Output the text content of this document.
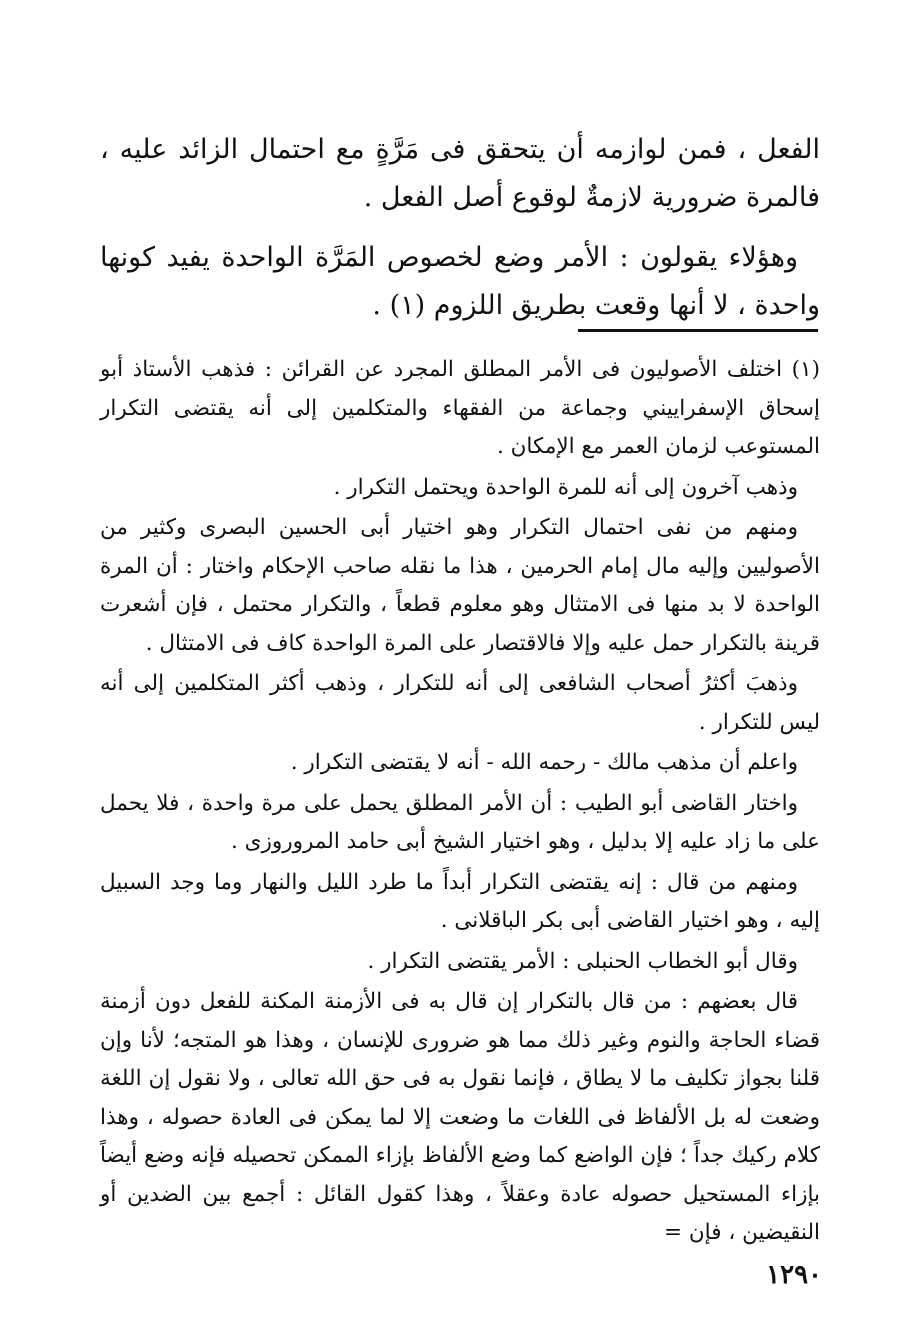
الفعل ، فمن لوازمه أن يتحقق فى مَرَّةٍ مع احتمال الزائد عليه ، فالمرة ضرورية لازمةٌ لوقوع أصل الفعل .

وهؤلاء يقولون : الأمر وضع لخصوص المَرَّة الواحدة يفيد كونها واحدة ، لا أنها وقعت بطريق اللزوم (١) .

(١) اختلف الأصوليون فى الأمر المطلق المجرد عن القرائن : فذهب الأستاذ أبو إسحاق الإسفراييني وجماعة من الفقهاء والمتكلمين إلى أنه يقتضى التكرار المستوعب لزمان العمر مع الإمكان .

وذهب آخرون إلى أنه للمرة الواحدة ويحتمل التكرار .

ومنهم من نفى احتمال التكرار وهو اختيار أبى الحسين البصرى وكثير من الأصوليين وإليه مال إمام الحرمين ، هذا ما نقله صاحب الإحكام واختار : أن المرة الواحدة لا بد منها فى الامتثال وهو معلوم قطعاً ، والتكرار محتمل ، فإن أشعرت قرينة بالتكرار حمل عليه وإلا فالاقتصار على المرة الواحدة كاف فى الامتثال .

وذهبَ أكثرُ أصحاب الشافعى إلى أنه للتكرار ، وذهب أكثر المتكلمين إلى أنه ليس للتكرار .

واعلم أن مذهب مالك - رحمه الله - أنه لا يقتضى التكرار .

واختار القاضى أبو الطيب : أن الأمر المطلق يحمل على مرة واحدة ، فلا يحمل على ما زاد عليه إلا بدليل ، وهو اختيار الشيخ أبى حامد المروروزى .

ومنهم من قال : إنه يقتضى التكرار أبداً ما طرد الليل والنهار وما وجد السبيل إليه ، وهو اختيار القاضى أبى بكر الباقلانى .

وقال أبو الخطاب الحنبلى : الأمر يقتضى التكرار .

قال بعضهم : من قال بالتكرار إن قال به فى الأزمنة المكنة للفعل دون أزمنة قضاء الحاجة والنوم وغير ذلك مما هو ضرورى للإنسان ، وهذا هو المتجه؛ لأنا وإن قلنا بجواز تكليف ما لا يطاق ، فإنما نقول به فى حق الله تعالى ، ولا نقول إن اللغة وضعت له بل الألفاظ فى اللغات ما وضعت إلا لما يمكن فى العادة حصوله ، وهذا كلام ركيك جداً ؛ فإن الواضع كما وضع الألفاظ بإزاء الممكن تحصيله فإنه وضع أيضاً بإزاء المستحيل حصوله عادة وعقلاً ، وهذا كقول القائل : أجمع بين الضدين أو النقيضين ، فإن =

١٢٩٠
